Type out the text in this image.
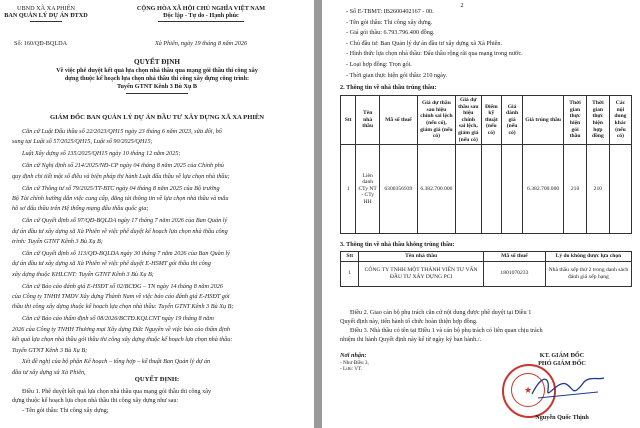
UBND XÃ XA PHIÊN
BAN QUẢN LÝ DỰ ÁN ĐTXD
Số: 160/QĐ-BQLDA
CỘNG HÒA XÃ HỘI CHỦ NGHĨA VIỆT NAM
Độc lập - Tự do - Hạnh phúc
Xà Phiên, ngày 19 tháng 8 năm 2026
QUYẾT ĐỊNH
Về việc phê duyệt kết quả lựa chọn nhà thầu qua mạng gói thầu thi công xây
dựng thuộc kế hoạch lựa chọn nhà thầu thi công xây dựng công trình:
Tuyến GTNT Kênh 3 Bù Xụ B
GIÁM ĐỐC BAN QUẢN LÝ DỰ ÁN ĐẦU TƯ XÂY DỰNG XÃ XA PHIÊN
Căn cứ Luật Đấu thầu số 22/2023/QH15 ngày 23 tháng 6 năm 2023, sửa đổi, bổ
sung tại Luật số 57/2025/QH15, Luật số 90/2025/QH15;
Luật Xây dựng số 135/2025/QH15 ngày 10 tháng 12 năm 2025;
Căn cứ Nghị định số 214/2025/NĐ-CP ngày 04 tháng 8 năm 2025 của Chính phủ
quy định chi tiết một số điều và biện pháp thi hành Luật đấu thầu về lựa chọn nhà thầu;
Căn cứ Thông tư số 79/2025/TT-BTC ngày 04 tháng 8 năm 2025 của Bộ trưởng
Bộ Tài chính hướng dẫn việc cung cấp, đăng tải thông tin về lựa chọn nhà thầu và mẫu
hồ sơ đấu thầu trên Hệ thống mạng đấu thầu quốc gia;
Căn cứ Quyết định số 97/QĐ-BQLDA ngày 17 tháng 7 năm 2026 của Ban Quản lý
dự án đầu tư xây dựng xã Xà Phiên về việc phê duyệt kế hoạch lựa chọn nhà thầu công
trình: Tuyến GTNT Kênh 3 Bù Xụ B;
Căn cứ Quyết định số 113/QĐ-BQLDA ngày 30 tháng 7 năm 2026 của Ban Quản lý
dự án đầu tư xây dựng xã Xà Phiên về việc phê duyệt E-HSMT gói thầu thi công
xây dựng thuộc KHLCNT: Tuyến GTNT Kênh 3 Bù Xụ B;
Căn cứ Báo cáo đánh giá E-HSĐT số 02/BCĐG – TN ngày 14 tháng 8 năm 2026
của Công ty TNHH TMDV Xây dựng Thành Nam về việc báo cáo đánh giá E-HSĐT gói
thầu thi công xây dựng thuộc kế hoạch lựa chọn nhà thầu: Tuyến GTNT Kênh 3 Bù Xụ B;
Căn cứ Báo cáo thẩm định số 08/2026/BCTĐ.KQLCNT ngày 19 tháng 8 năm
2026 của Công ty TNHH Thương mại Xây dựng Đức Nguyên về việc báo cáo thẩm định
kết quả lựa chọn nhà thầu gói thầu thi công xây dựng thuộc kế hoạch lựa chọn nhà thầu:
Tuyến GTNT Kênh 3 Bù Xụ B;
Xét đề nghị của bộ phận Kế hoạch – tổng hợp – kế thuật Ban Quản lý dự án
đầu tư xây dựng xã Xà Phiên,
QUYẾT ĐỊNH:
Điều 1. Phê duyệt kết quả lựa chọn nhà thầu qua mạng gói thầu thi công xây
dựng thuộc kế hoạch lựa chọn nhà thầu thi công xây dựng như sau:
- Tên gói thầu: Thi công xây dựng;
2
- Số E-TBMT: IB2600402167 - 00.
- Tên gói thầu: Thi công xây dựng.
- Giá gói thầu: 6.793.796.400 đồng.
- Chủ đầu tư: Ban Quản lý dự án đầu tư xây dựng xã Xà Phiên.
- Hình thức lựa chọn nhà thầu: Đấu thầu rộng rãi qua mạng trong nước.
- Loại hợp đồng: Trọn gói.
- Thời gian thực hiện gói thầu: 210 ngày.
2. Thông tin về nhà thầu trúng thầu:
Stt	Tên nhà thầu	Mã số thuế	Giá dự thầu sau hiệu chỉnh sai lệch (nếu có), giảm giá (nếu có)	Giá dự thầu sau hiệu chỉnh sai lệch, giảm giá (nếu có)	Điểm kỹ thuật (nếu có)	Giá đánh giá (nếu có)	Giá trúng thầu	Thời gian thực hiện gói thầu	Thời gian thực hiện hợp đồng	Các nội dung khác (nếu có)
1	Liên danh CTy NT - CTy HH	6300356939	6.382.700.000				6.382.700.000	210	210	
3. Thông tin về nhà thầu không trúng thầu:
Stt	Tên nhà thầu	Mã số thuế	Lý do không được lựa chọn
1	CÔNG TY TNHH MỘT THÀNH VIÊN TƯ VẤN ĐẦU TƯ XÂY DỰNG PCI	1801070233	Nhà thầu xếp thứ 2 trong danh sách đánh giá xếp hạng
Điều 2. Giao cán bộ phụ trách căn cứ nội dung được phê duyệt tại Điều 1
Quyết định này, tiến hành tổ chức hoàn thiện hợp đồng.
Điều 3. Nhà thầu có tên tại Điều 1 và cán bộ phụ trách có liên quan chịu trách
nhiệm thi hành Quyết định này kể từ ngày ký ban hành./.
Nơi nhận:
- Như Điều 3,
- Lưu: VT.
KT. GIÁM ĐỐC
PHÓ GIÁM ĐỐC
★
Nguyễn Quốc Thịnh
